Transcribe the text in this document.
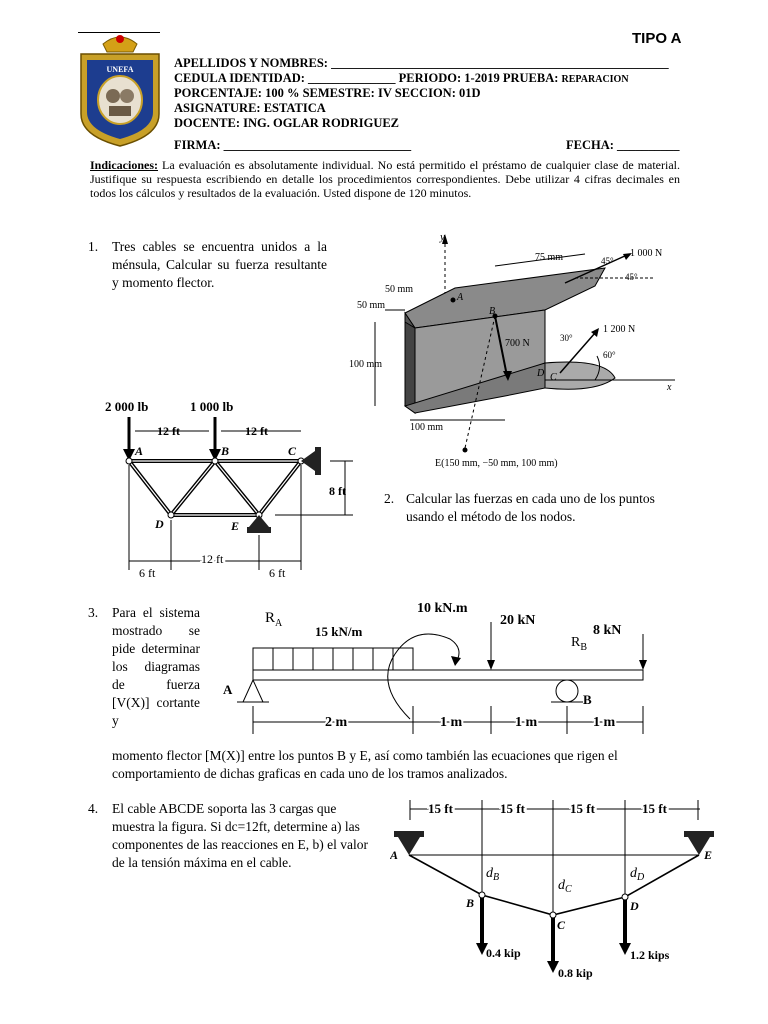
TIPO A
UNEFA	APELLIDOS Y NOMBRES: ______________________________________________________
CEDULA IDENTIDAD: ______________ PERIODO: 1-2019 PRUEBA: REPARACION
PORCENTAJE: 100 % SEMESTRE: IV SECCION: 01D
ASIGNATURE: ESTATICA
DOCENTE: ING. OGLAR RODRIGUEZ
FIRMA: ______________________________	FECHA: __________
Indicaciones: La evaluación es absolutamente individual. No está permitido el préstamo de cualquier clase de material. Justifique su respuesta escribiendo en detalle los procedimientos correspondientes. Debe utilizar 4 cifras decimales en todos los cálculos y resultados de la evaluación. Usted dispone de 120 minutos.
1. Tres cables se encuentra unidos a la ménsula, Calcular su fuerza resultante y momento flector.
y
x
75 mm	1 000 N
45°
45°
50 mm
50 mm
A
B
700 N
1 200 N
30°
60°
100 mm
D C
100 mm
E(150 mm, −50 mm, 100 mm)
2 000 lb	1 000 lb
12 ft	12 ft
A	B	C
D	E
8 ft
6 ft
12 ft
6 ft
2. Calcular las fuerzas en cada uno de los puntos usando el método de los nodos.
3. Para el sistema mostrado se pide determinar los diagramas de fuerza [V(X)] cortante y
momento flector [M(X)] entre los puntos B y E, así como también las ecuaciones que rigen el comportamiento de dichas graficas en cada uno de los tramos analizados.
$R_A$
15 kN/m
10 kN.m
20 kN
$R_B$
8 kN
A
B
2 m	1 m	1 m	1 m
4. El cable ABCDE soporta las 3 cargas que muestra la figura. Si dc=12ft, determine a) las componentes de las reacciones en E, b) el valor de la tensión máxima en el cable.
15 ft	15 ft	15 ft	15 ft
A	E
B
C
D
$d_B$
$d_C$
$d_D$
0.4 kip
0.8 kip
1.2 kips
